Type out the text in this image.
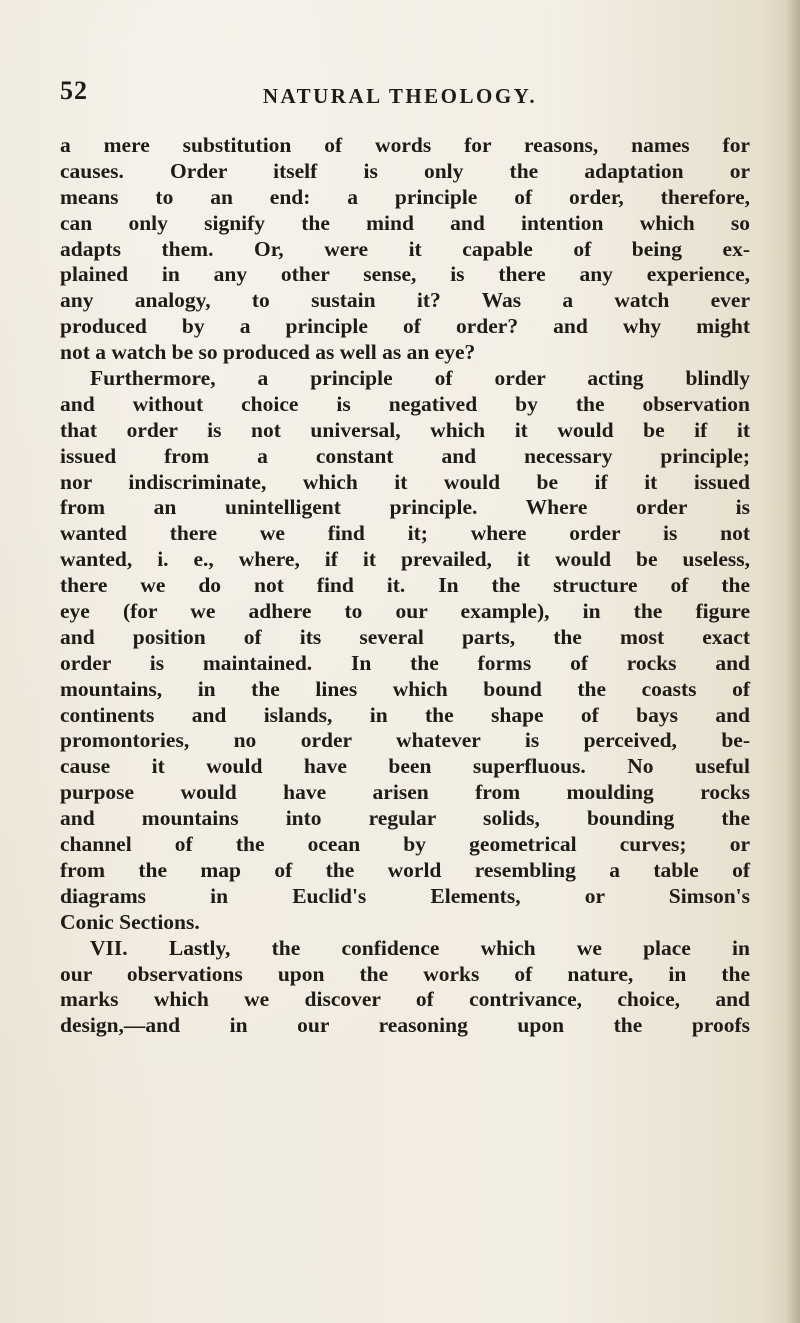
52	NATURAL THEOLOGY.
a mere substitution of words for reasons, names for
causes. Order itself is only the adaptation or
means to an end: a principle of order, therefore,
can only signify the mind and intention which so
adapts them. Or, were it capable of being ex-
plained in any other sense, is there any experience,
any analogy, to sustain it? Was a watch ever
produced by a principle of order? and why might
not a watch be so produced as well as an eye?
Furthermore, a principle of order acting blindly
and without choice is negatived by the observation
that order is not universal, which it would be if it
issued from a constant and necessary principle;
nor indiscriminate, which it would be if it issued
from an unintelligent principle. Where order is
wanted there we find it; where order is not
wanted, i. e., where, if it prevailed, it would be useless,
there we do not find it. In the structure of the
eye (for we adhere to our example), in the figure
and position of its several parts, the most exact
order is maintained. In the forms of rocks and
mountains, in the lines which bound the coasts of
continents and islands, in the shape of bays and
promontories, no order whatever is perceived, be-
cause it would have been superfluous. No useful
purpose would have arisen from moulding rocks
and mountains into regular solids, bounding the
channel of the ocean by geometrical curves; or
from the map of the world resembling a table of
diagrams in Euclid's Elements, or Simson's
Conic Sections.
VII. Lastly, the confidence which we place in
our observations upon the works of nature, in the
marks which we discover of contrivance, choice, and
design,—and in our reasoning upon the proofs
